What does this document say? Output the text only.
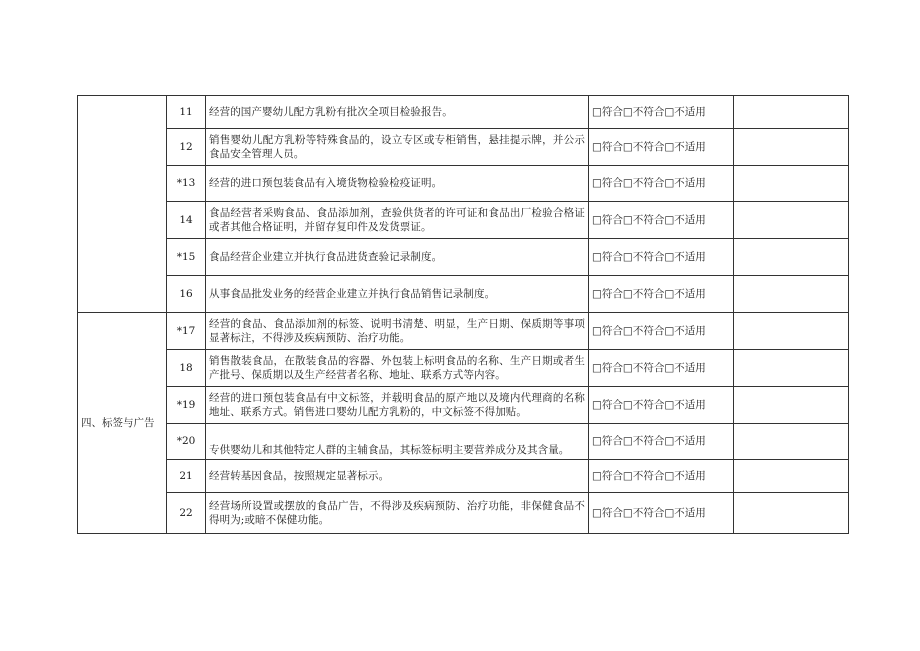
	11	经营的国产婴幼儿配方乳粉有批次全项目检验报告。	□符合□不符合□不适用	
	12	销售婴幼儿配方乳粉等特殊食品的，设立专区或专柜销售，悬挂提示牌，并公示食品安全管理人员。	□符合□不符合□不适用	
	*13	经营的进口预包装食品有入境货物检验检疫证明。	□符合□不符合□不适用	
	14	食品经营者采购食品、食品添加剂，查验供货者的许可证和食品出厂检验合格证或者其他合格证明，并留存复印件及发货票证。	□符合□不符合□不适用	
	*15	食品经营企业建立并执行食品进货查验记录制度。	□符合□不符合□不适用	
	16	从事食品批发业务的经营企业建立并执行食品销售记录制度。	□符合□不符合□不适用	
四、标签与广告	*17	经营的食品、食品添加剂的标签、说明书清楚、明显，生产日期、保质期等事项显著标注，不得涉及疾病预防、治疗功能。	□符合□不符合□不适用	
	18	销售散装食品，在散装食品的容器、外包装上标明食品的名称、生产日期或者生产批号、保质期以及生产经营者名称、地址、联系方式等内容。	□符合□不符合□不适用	
	*19	经营的进口预包装食品有中文标签，并载明食品的原产地以及境内代理商的名称地址、联系方式。销售进口婴幼儿配方乳粉的，中文标签不得加贴。	□符合□不符合□不适用	
	*20	专供婴幼儿和其他特定人群的主辅食品，其标签标明主要营养成分及其含量。	□符合□不符合□不适用	
	21	经营转基因食品，按照规定显著标示。	□符合□不符合□不适用	
	22	经营场所设置或摆放的食品广告，不得涉及疾病预防、治疗功能，非保健食品不得明为;或暗不保健功能。	□符合□不符合□不适用	
